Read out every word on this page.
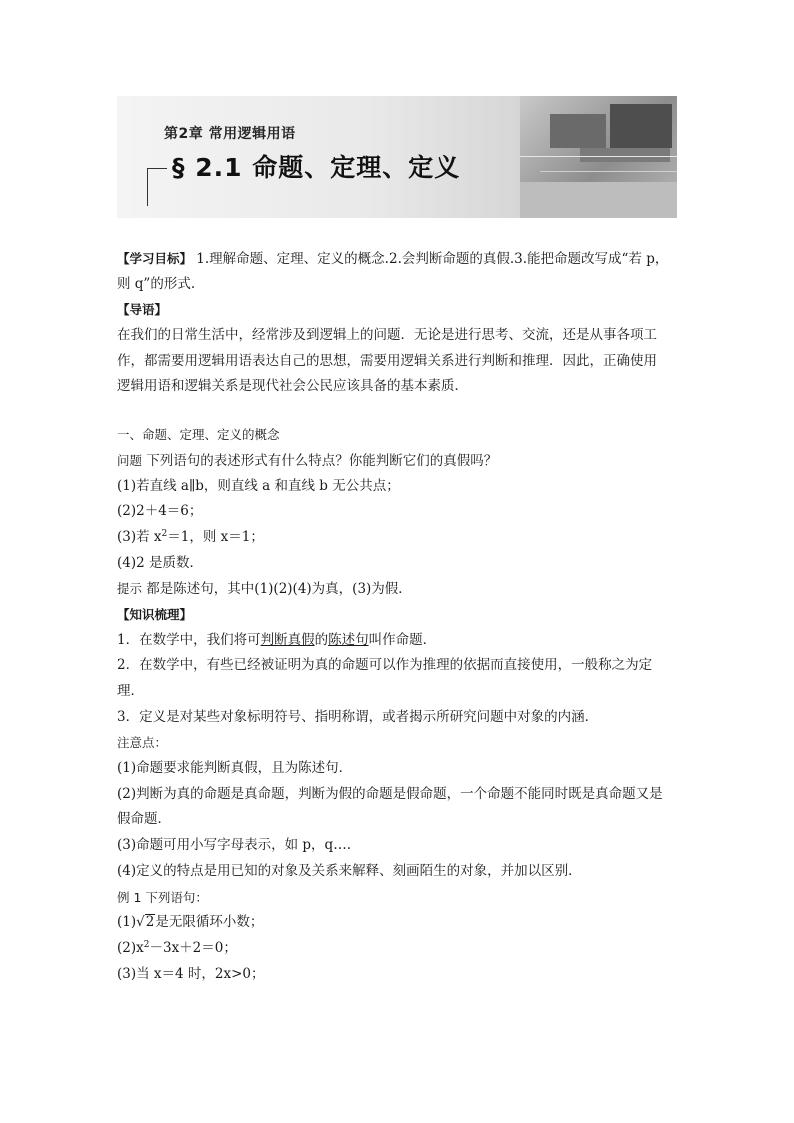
第2章 常用逻辑用语
§ 2.1 命题、定理、定义
【学习目标】 1.理解命题、定理、定义的概念.2.会判断命题的真假.3.能把命题改写成“若 p，
则 q”的形式.
【导语】
在我们的日常生活中，经常涉及到逻辑上的问题．无论是进行思考、交流，还是从事各项工
作，都需要用逻辑用语表达自己的思想，需要用逻辑关系进行判断和推理．因此，正确使用
逻辑用语和逻辑关系是现代社会公民应该具备的基本素质．
一、命题、定理、定义的概念
问题 下列语句的表述形式有什么特点？你能判断它们的真假吗？
(1)若直线 a∥b，则直线 a 和直线 b 无公共点；
(2)2＋4＝6；
(3)若 $x^2=1$，则 x＝1；
(4)2 是质数．
提示 都是陈述句，其中(1)(2)(4)为真，(3)为假．
【知识梳理】
1．在数学中，我们将可判断真假的陈述句叫作命题．
2．在数学中，有些已经被证明为真的命题可以作为推理的依据而直接使用，一般称之为定
理．
3．定义是对某些对象标明符号、指明称谓，或者揭示所研究问题中对象的内涵．
注意点：
(1)命题要求能判断真假，且为陈述句．
(2)判断为真的命题是真命题，判断为假的命题是假命题，一个命题不能同时既是真命题又是
假命题．
(3)命题可用小写字母表示，如 p，q….
(4)定义的特点是用已知的对象及关系来解释、刻画陌生的对象，并加以区别．
例 1 下列语句：
(1)√2是无限循环小数；
$(2)x^2-3x+2=0$；
(3)当 x＝4 时，2x>0；
